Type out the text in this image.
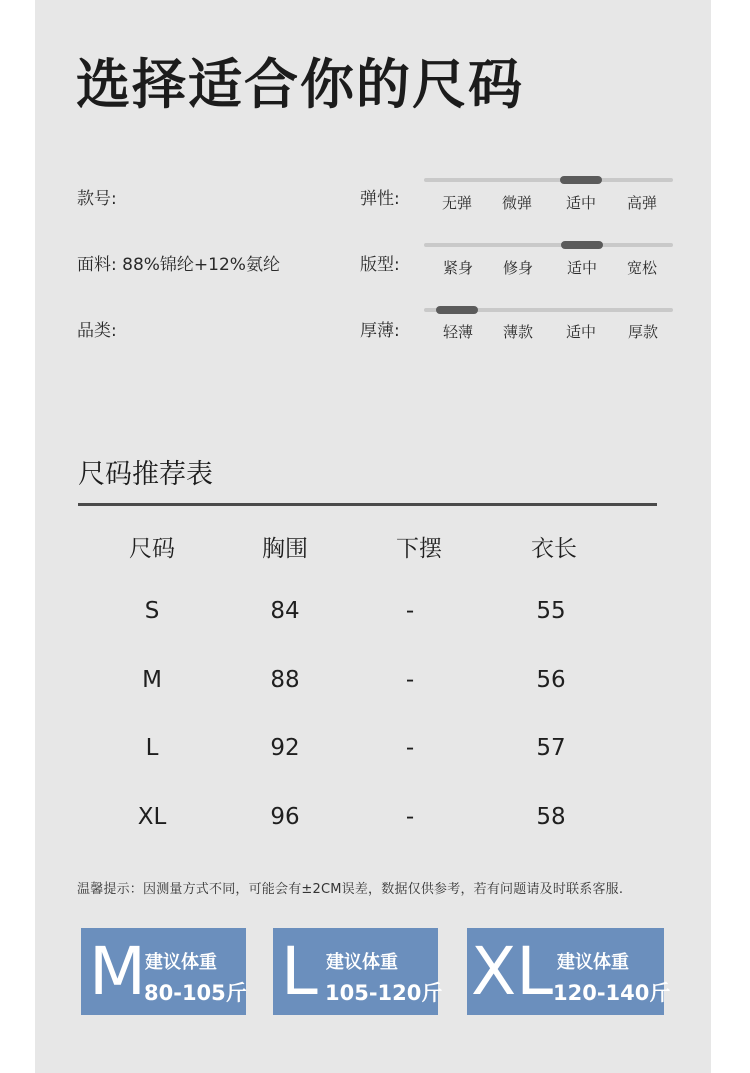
选择适合你的尺码
款号:
面料: 88%锦纶+12%氨纶
品类:
弹性:	无弹	微弹	适中	高弹
版型:	紧身	修身	适中	宽松
厚薄:	轻薄	薄款	适中	厚款
尺码推荐表
尺码	胸围	下摆	衣长
S	84	-	55
M	88	-	56
L	92	-	57
XL	96	-	58
温馨提示：因测量方式不同，可能会有±2CM误差，数据仅供参考，若有问题请及时联系客服.
M 建议体重
80-105斤 L 建议体重
105-120斤 XL 建议体重
120-140斤
